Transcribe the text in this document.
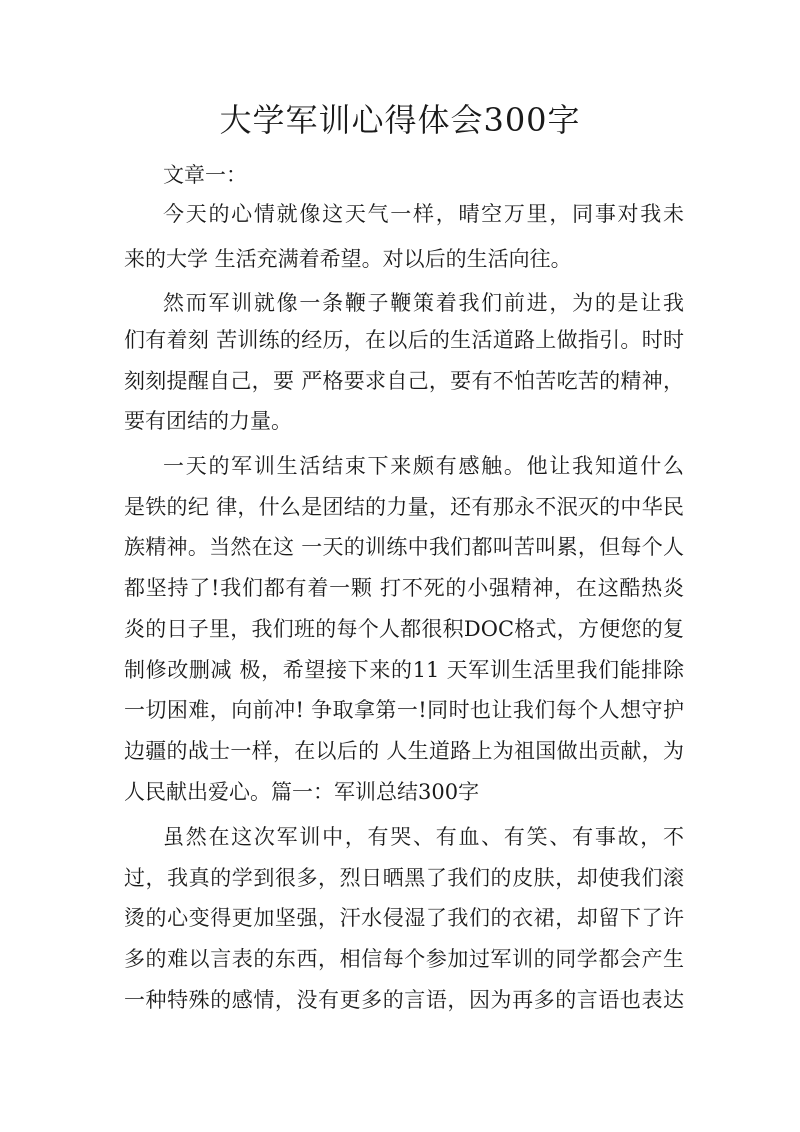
大学军训心得体会300字
文章一：
今天的心情就像这天气一样，晴空万里，同事对我未
来的大学 生活充满着希望。对以后的生活向往。
然而军训就像一条鞭子鞭策着我们前进，为的是让我
们有着刻 苦训练的经历，在以后的生活道路上做指引。时时
刻刻提醒自己，要 严格要求自己，要有不怕苦吃苦的精神，
要有团结的力量。
一天的军训生活结束下来颇有感触。他让我知道什么
是铁的纪 律，什么是团结的力量，还有那永不泯灭的中华民
族精神。当然在这 一天的训练中我们都叫苦叫累，但每个人
都坚持了!我们都有着一颗 打不死的小强精神，在这酷热炎
炎的日子里，我们班的每个人都很积DOC格式，方便您的复
制修改删减 极，希望接下来的11 天军训生活里我们能排除
一切困难，向前冲! 争取拿第一!同时也让我们每个人想守护
边疆的战士一样，在以后的 人生道路上为祖国做出贡献，为
人民献出爱心。篇一：军训总结300字
虽然在这次军训中，有哭、有血、有笑、有事故，不
过，我真的学到很多，烈日晒黑了我们的皮肤，却使我们滚
烫的心变得更加坚强，汗水侵湿了我们的衣裙，却留下了许
多的难以言表的东西，相信每个参加过军训的同学都会产生
一种特殊的感情，没有更多的言语，因为再多的言语也表达
